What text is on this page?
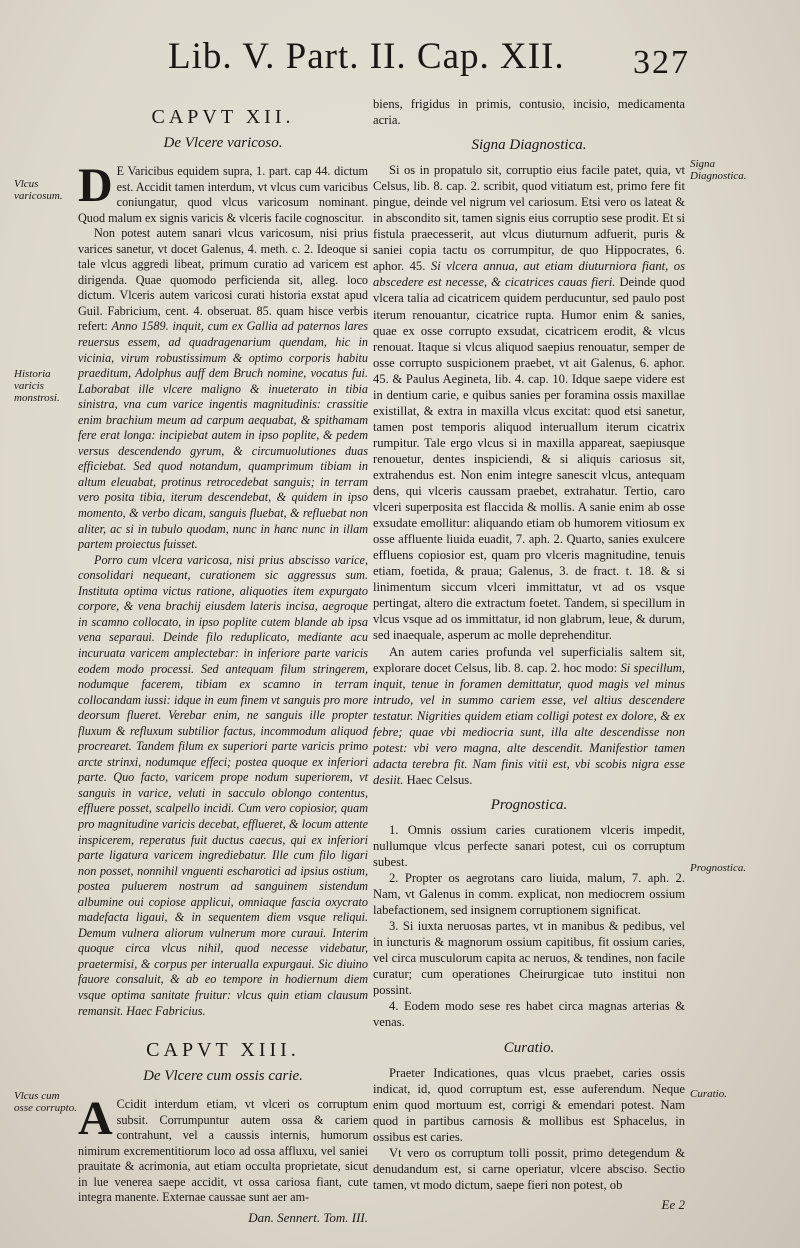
Lib. V. Part. II. Cap. XII. 327
Vlcus varicosum.
Historia varicis monstrosi.
Vlcus cum osse corrupto.
Signa Diagnostica.
Prognostica.
Curatio.
CAPVT XII.
De Vlcere varicoso.

D E Varicibus equidem supra, 1. part. cap 44. dictum est. Accidit tamen interdum, vt vlcus cum varicibus coniungatur, quod vlcus varicosum nominant. Quod malum ex signis varicis & vlceris facile cognoscitur.

Non potest autem sanari vlcus varicosum, nisi prius varices sanetur, vt docet Galenus, 4. meth. c. 2. Ideoque si tale vlcus aggredi libeat, primum curatio ad varicem est dirigenda. Quae quomodo perficienda sit, alleg. loco dictum. Vlceris autem varicosi curati historia exstat apud Guil. Fabricium, cent. 4. obseruat. 85. quam hisce verbis refert: Anno 1589. inquit, cum ex Gallia ad paternos lares reuersus essem, ad quadragenarium quendam, hic in vicinia, virum robustissimum & optimo corporis habitu praeditum, Adolphus auff dem Bruch nomine, vocatus fui. Laborabat ille vlcere maligno & inueterato in tibia sinistra, vna cum varice ingentis magnitudinis: crassitie enim brachium meum ad carpum aequabat, & spithamam fere erat longa: incipiebat autem in ipso poplite, & pedem versus descendendo gyrum, & circumuolutiones duas efficiebat. Sed quod notandum, quamprimum tibiam in altum eleuabat, protinus retrocedebat sanguis; in terram vero posita tibia, iterum descendebat, & quidem in ipso momento, & verbo dicam, sanguis fluebat, & refluebat non aliter, ac si in tubulo quodam, nunc in hanc nunc in illam partem proiectus fuisset.

Porro cum vlcera varicosa, nisi prius abscisso varice, consolidari nequeant, curationem sic aggressus sum. Instituta optima victus ratione, aliquoties item expurgato corpore, & vena brachij eiusdem lateris incisa, aegroque in scamno collocato, in ipso poplite cutem blande ab ipsa vena separaui. Deinde filo reduplicato, mediante acu incuruata varicem amplectebar: in inferiore parte varicis eodem modo processi. Sed antequam filum stringerem, nodumque facerem, tibiam ex scamno in terram collocandam iussi: idque in eum finem vt sanguis pro more deorsum flueret. Verebar enim, ne sanguis ille propter fluxum & refluxum subtilior factus, incommodum aliquod procrearet. Tandem filum ex superiori parte varicis primo arcte strinxi, nodumque effeci; postea quoque ex inferiori parte. Quo facto, varicem prope nodum superiorem, vt sanguis in varice, veluti in sacculo oblongo contentus, effluere posset, scalpello incidi. Cum vero copiosior, quam pro magnitudine varicis decebat, efflueret, & locum attente inspicerem, reperatus fuit ductus caecus, qui ex inferiori parte ligatura varicem ingrediebatur. Ille cum filo ligari non posset, nonnihil vnguenti escharotici ad ipsius ostium, postea puluerem nostrum ad sanguinem sistendum albumine oui copiose applicui, omniaque fascia oxycrato madefacta ligaui, & in sequentem diem vsque reliqui. Demum vulnera aliorum vulnerum more curaui. Interim quoque circa vlcus nihil, quod necesse videbatur, praetermisi, & corpus per interualla expurgaui. Sic diuino fauore consaluit, & ab eo tempore in hodiernum diem vsque optima sanitate fruitur: vlcus quin etiam clausum remansit. Haec Fabricius.

CAPVT XIII.
De Vlcere cum ossis carie.

A Ccidit interdum etiam, vt vlceri os corruptum subsit. Corrumpuntur autem ossa & cariem contrahunt, vel a caussis internis, humorum nimirum excrementitiorum loco ad ossa affluxu, vel saniei prauitate & acrimonia, aut etiam occulta proprietate, sicut in lue venerea saepe accidit, vt ossa cariosa fiant, cute integra manente. Externae caussae sunt aer am-

Dan. Sennert. Tom. III.

biens, frigidus in primis, contusio, incisio, medicamenta acria.

Signa Diagnostica.

Si os in propatulo sit, corruptio eius facile patet, quia, vt Celsus, lib. 8. cap. 2. scribit, quod vitiatum est, primo fere fit pingue, deinde vel nigrum vel cariosum. Etsi vero os lateat & in abscondito sit, tamen signis eius corruptio sese prodit. Et si fistula praecesserit, aut vlcus diuturnum adfuerit, puris & saniei copia tactu os corrumpitur, de quo Hippocrates, 6. aphor. 45. Si vlcera annua, aut etiam diuturniora fiant, os abscedere est necesse, & cicatrices cauas fieri. Deinde quod vlcera talia ad cicatricem quidem perducuntur, sed paulo post iterum renouantur, cicatrice rupta. Humor enim & sanies, quae ex osse corrupto exsudat, cicatricem erodit, & vlcus renouat. Itaque si vlcus aliquod saepius renouatur, semper de osse corrupto suspicionem praebet, vt ait Galenus, 6. aphor. 45. & Paulus Aegineta, lib. 4. cap. 10. Idque saepe videre est in dentium carie, e quibus sanies per foramina ossis maxillae existillat, & extra in maxilla vlcus excitat: quod etsi sanetur, tamen post temporis aliquod interuallum iterum cicatrix rumpitur. Tale ergo vlcus si in maxilla appareat, saepiusque renouetur, dentes inspiciendi, & si aliquis cariosus sit, extrahendus est. Non enim integre sanescit vlcus, antequam dens, qui vlceris caussam praebet, extrahatur. Tertio, caro vlceri superposita est flaccida & mollis. A sanie enim ab osse exsudate emollitur: aliquando etiam ob humorem vitiosum ex osse affluente liuida euadit, 7. aph. 2. Quarto, sanies exulcere effluens copiosior est, quam pro vlceris magnitudine, tenuis etiam, foetida, & praua; Galenus, 3. de fract. t. 18. & si linimentum siccum vlceri immittatur, vt ad os vsque pertingat, altero die extractum foetet. Tandem, si specillum in vlcus vsque ad os immittatur, id non glabrum, leue, & durum, sed inaequale, asperum ac molle deprehenditur.

An autem caries profunda vel superficialis saltem sit, explorare docet Celsus, lib. 8. cap. 2. hoc modo: Si specillum, inquit, tenue in foramen demittatur, quod magis vel minus intrudo, vel in summo cariem esse, vel altius descendere testatur. Nigrities quidem etiam colligi potest ex dolore, & ex febre; quae vbi mediocria sunt, illa alte descendisse non potest: vbi vero magna, alte descendit. Manifestior tamen adacta terebra fit. Nam finis vitii est, vbi scobis nigra esse desiit. Haec Celsus.

Prognostica.

1. Omnis ossium caries curationem vlceris impedit, nullumque vlcus perfecte sanari potest, cui os corruptum subest.

2. Propter os aegrotans caro liuida, malum, 7. aph. 2. Nam, vt Galenus in comm. explicat, non mediocrem ossium labefactionem, sed insignem corruptionem significat.

3. Si iuxta neruosas partes, vt in manibus & pedibus, vel in iuncturis & magnorum ossium capitibus, fit ossium caries, vel circa musculorum capita ac neruos, & tendines, non facile curatur; cum operationes Cheirurgicae tuto institui non possint.

4. Eodem modo sese res habet circa magnas arterias & venas.

Curatio.

Praeter Indicationes, quas vlcus praebet, caries ossis indicat, id, quod corruptum est, esse auferendum. Neque enim quod mortuum est, corrigi & emendari potest. Nam quod in partibus carnosis & mollibus est Sphacelus, in ossibus est caries.

Vt vero os corruptum tolli possit, primo detegendum & denudandum est, si carne operiatur, vlcere absciso. Sectio tamen, vt modo dictum, saepe fieri non potest, ob

Ee 2
